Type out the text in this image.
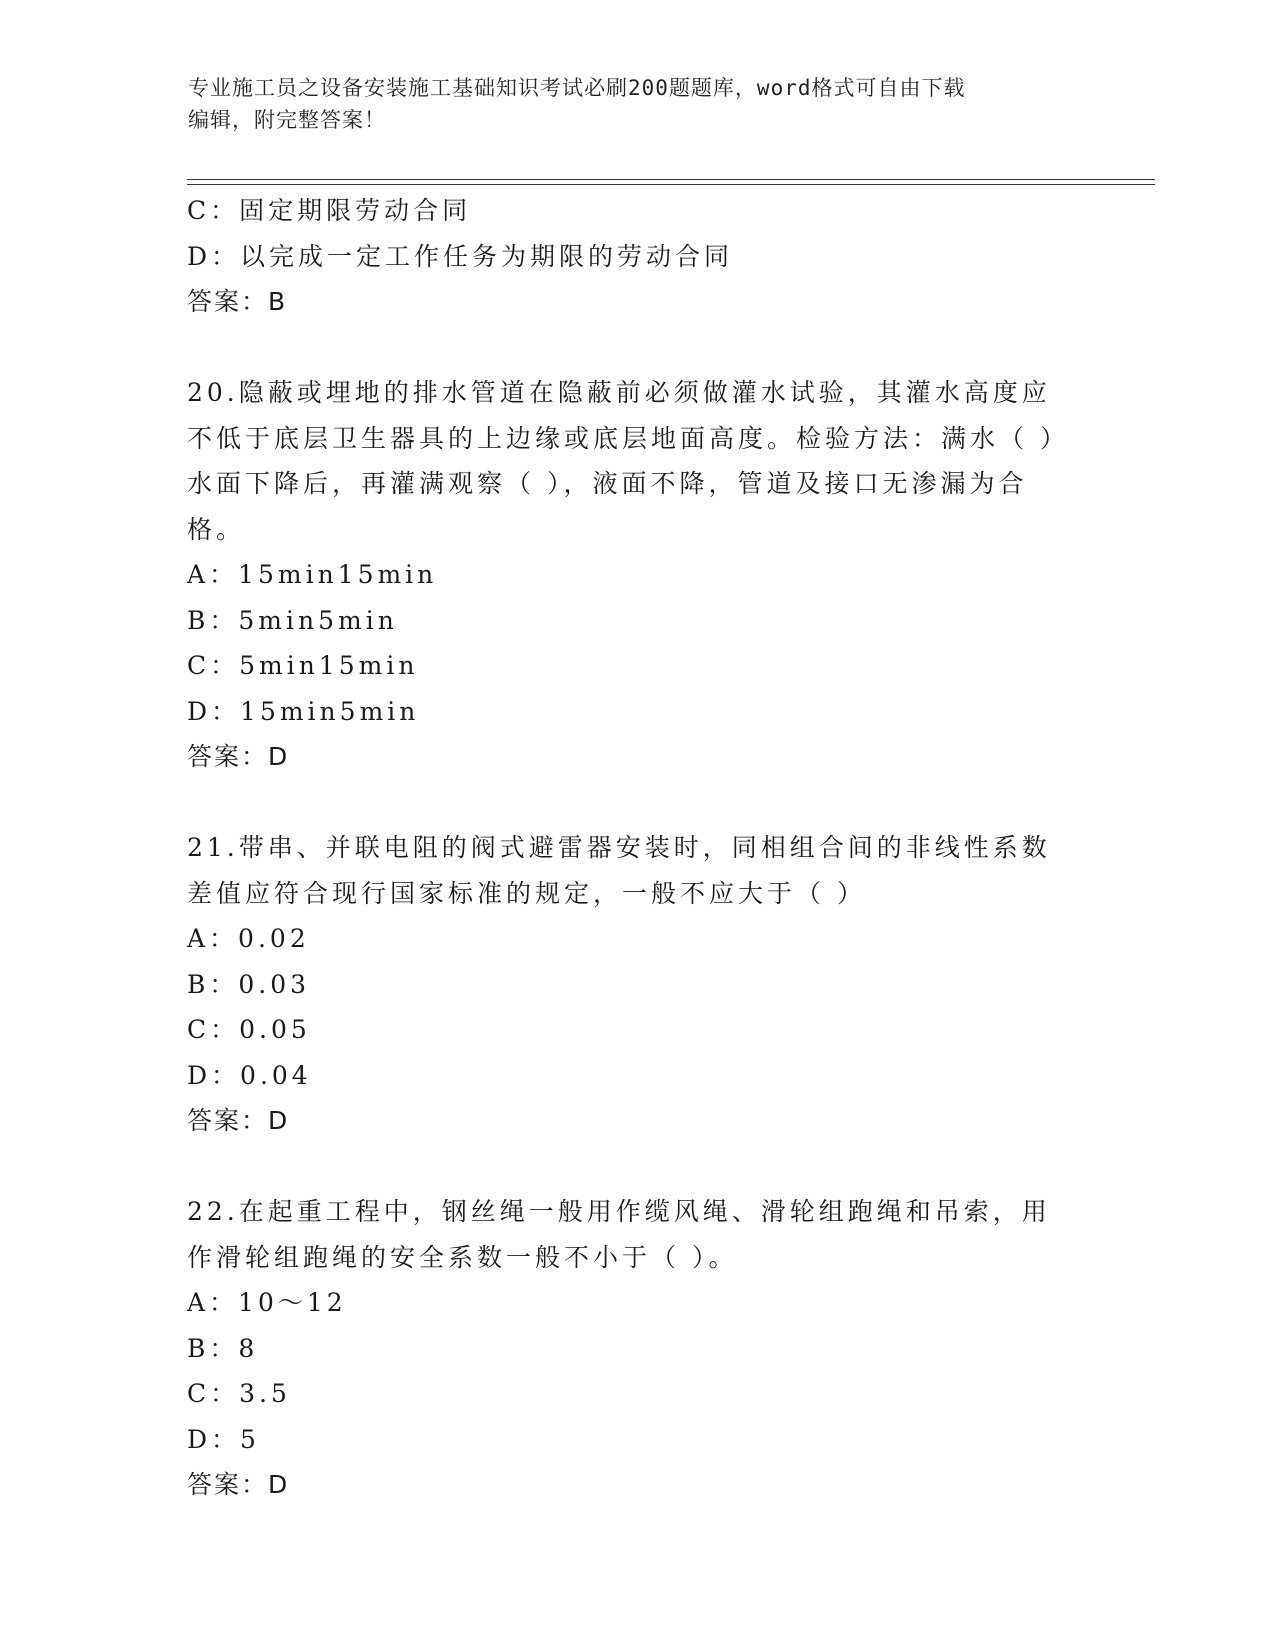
专业施工员之设备安装施工基础知识考试必刷200题题库，word格式可自由下载
编辑，附完整答案！
C：固定期限劳动合同
D：以完成一定工作任务为期限的劳动合同
答案：B
20.隐蔽或埋地的排水管道在隐蔽前必须做灌水试验，其灌水高度应不低于底层卫生器具的上边缘或底层地面高度。检验方法：满水（ ）水面下降后，再灌满观察（ ），液面不降，管道及接口无渗漏为合格。
A：15min15min
B：5min5min
C：5min15min
D：15min5min
答案：D
21.带串、并联电阻的阀式避雷器安装时，同相组合间的非线性系数差值应符合现行国家标准的规定，一般不应大于（ ）
A：0.02
B：0.03
C：0.05
D：0.04
答案：D
22.在起重工程中，钢丝绳一般用作缆风绳、滑轮组跑绳和吊索，用作滑轮组跑绳的安全系数一般不小于（ ）。
A：10～12
B：8
C：3.5
D：5
答案：D
